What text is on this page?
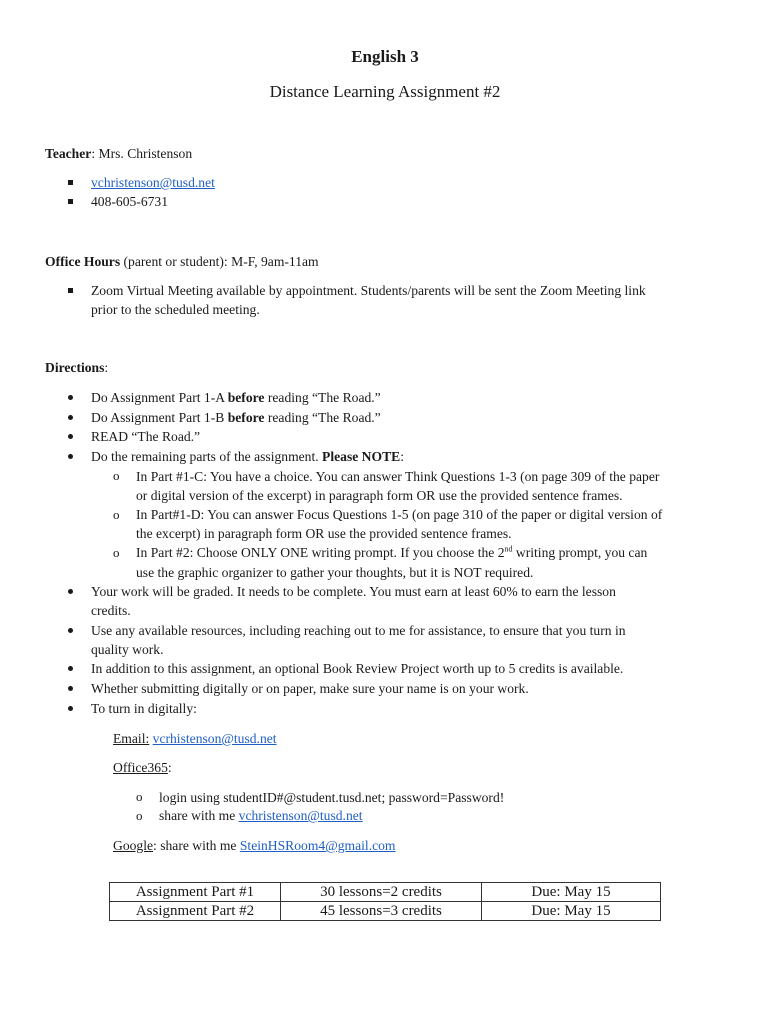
English 3
Distance Learning Assignment #2
Teacher: Mrs. Christenson
vchristenson@tusd.net
408-605-6731
Office Hours (parent or student): M-F, 9am-11am
Zoom Virtual Meeting available by appointment. Students/parents will be sent the Zoom Meeting link
prior to the scheduled meeting.
Directions:
Do Assignment Part 1-A before reading “The Road.”
Do Assignment Part 1-B before reading “The Road.”
READ “The Road.”
Do the remaining parts of the assignment. Please NOTE:
o In Part #1-C: You have a choice. You can answer Think Questions 1-3 (on page 309 of the paper
or digital version of the excerpt) in paragraph form OR use the provided sentence frames.
o In Part#1-D: You can answer Focus Questions 1-5 (on page 310 of the paper or digital version of
the excerpt) in paragraph form OR use the provided sentence frames.
o In Part #2: Choose ONLY ONE writing prompt. If you choose the 2nd writing prompt, you can
use the graphic organizer to gather your thoughts, but it is NOT required.
Your work will be graded. It needs to be complete. You must earn at least 60% to earn the lesson
credits.
Use any available resources, including reaching out to me for assistance, to ensure that you turn in
quality work.
In addition to this assignment, an optional Book Review Project worth up to 5 credits is available.
Whether submitting digitally or on paper, make sure your name is on your work.
To turn in digitally:
Email: vcrhistenson@tusd.net
Office365:
o login using studentID#@student.tusd.net; password=Password!
o share with me vchristenson@tusd.net
Google: share with me SteinHSRoom4@gmail.com
Assignment Part #1	30 lessons=2 credits	Due: May 15
Assignment Part #2	45 lessons=3 credits	Due: May 15
